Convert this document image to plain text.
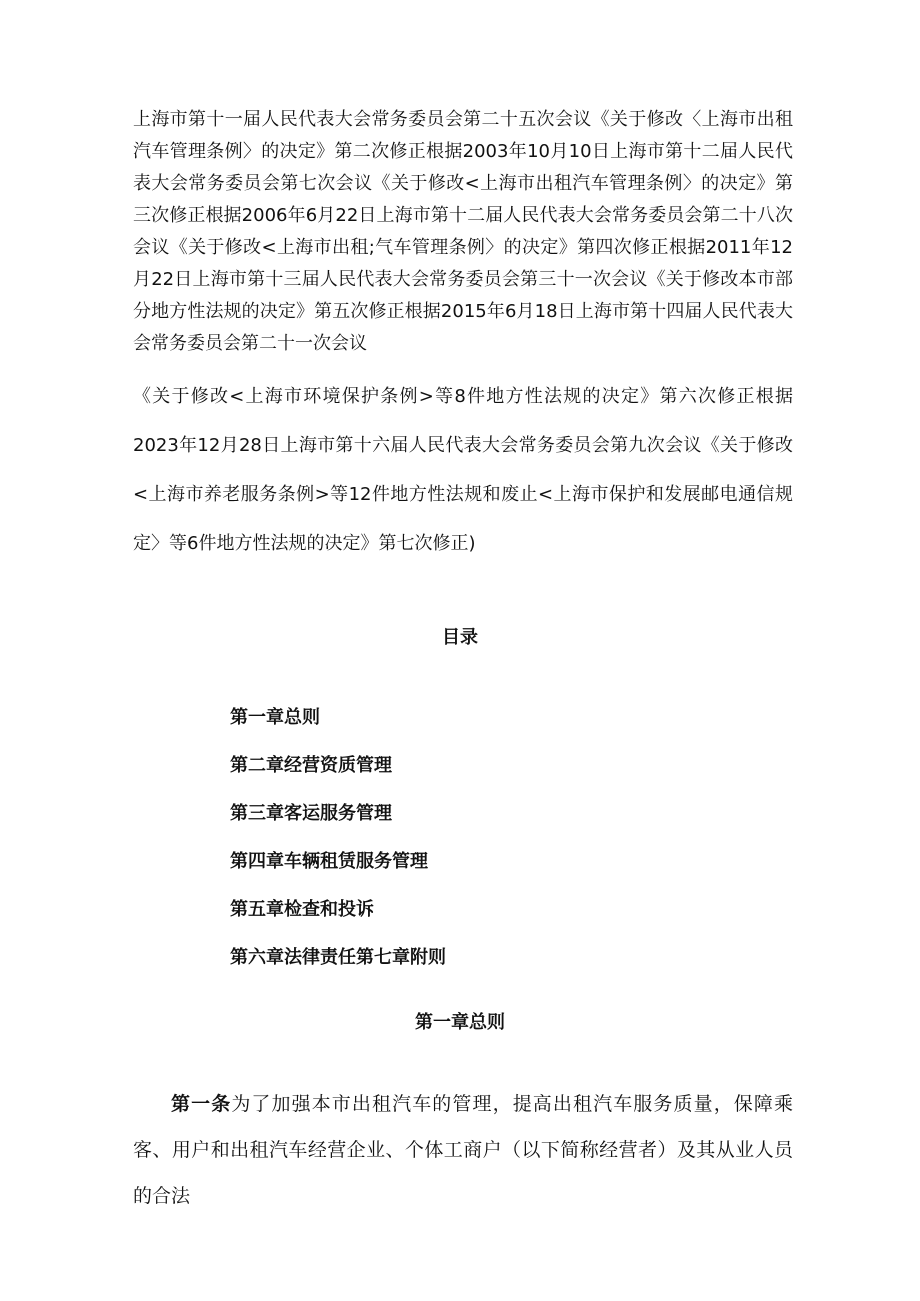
上海市第十一届人民代表大会常务委员会第二十五次会议《关于修改〈上海市出租汽车管理条例〉的决定》第二次修正根据2003年10月10日上海市第十二届人民代表大会常务委员会第七次会议《关于修改<上海市出租汽车管理条例〉的决定》第三次修正根据2006年6月22日上海市第十二届人民代表大会常务委员会第二十八次会议《关于修改<上海市出租;气车管理条例〉的决定》第四次修正根据2011年12月22日上海市第十三届人民代表大会常务委员会第三十一次会议《关于修改本市部分地方性法规的决定》第五次修正根据2015年6月18日上海市第十四届人民代表大会常务委员会第二十一次会议

《关于修改<上海市环境保护条例>等8件地方性法规的决定》第六次修正根据2023年12月28日上海市第十六届人民代表大会常务委员会第九次会议《关于修改<上海市养老服务条例>等12件地方性法规和废止<上海市保护和发展邮电通信规定〉等6件地方性法规的决定》第七次修正)

目录
第一章总则
第二章经营资质管理
第三章客运服务管理
第四章车辆租赁服务管理
第五章检查和投诉
第六章法律责任第七章附则
第一章总则

第一条为了加强本市出租汽车的管理，提高出租汽车服务质量，保障乘客、用户和出租汽车经营企业、个体工商户（以下简称经营者）及其从业人员的合法
